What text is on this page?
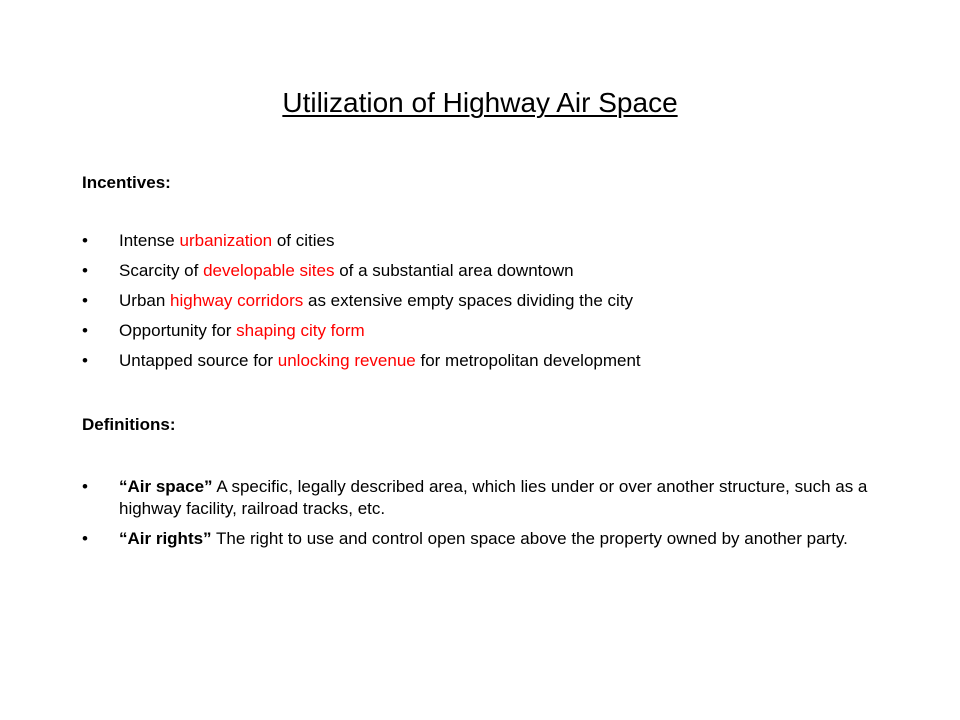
Utilization of Highway Air Space
Incentives:
• Intense urbanization of cities
• Scarcity of developable sites of a substantial area downtown
• Urban highway corridors as extensive empty spaces dividing the city
• Opportunity for shaping city form
• Untapped source for unlocking revenue for metropolitan development
Definitions:
• “Air space” A specific, legally described area, which lies under or over another structure, such as a highway facility, railroad tracks, etc.
• “Air rights” The right to use and control open space above the property owned by another party.
